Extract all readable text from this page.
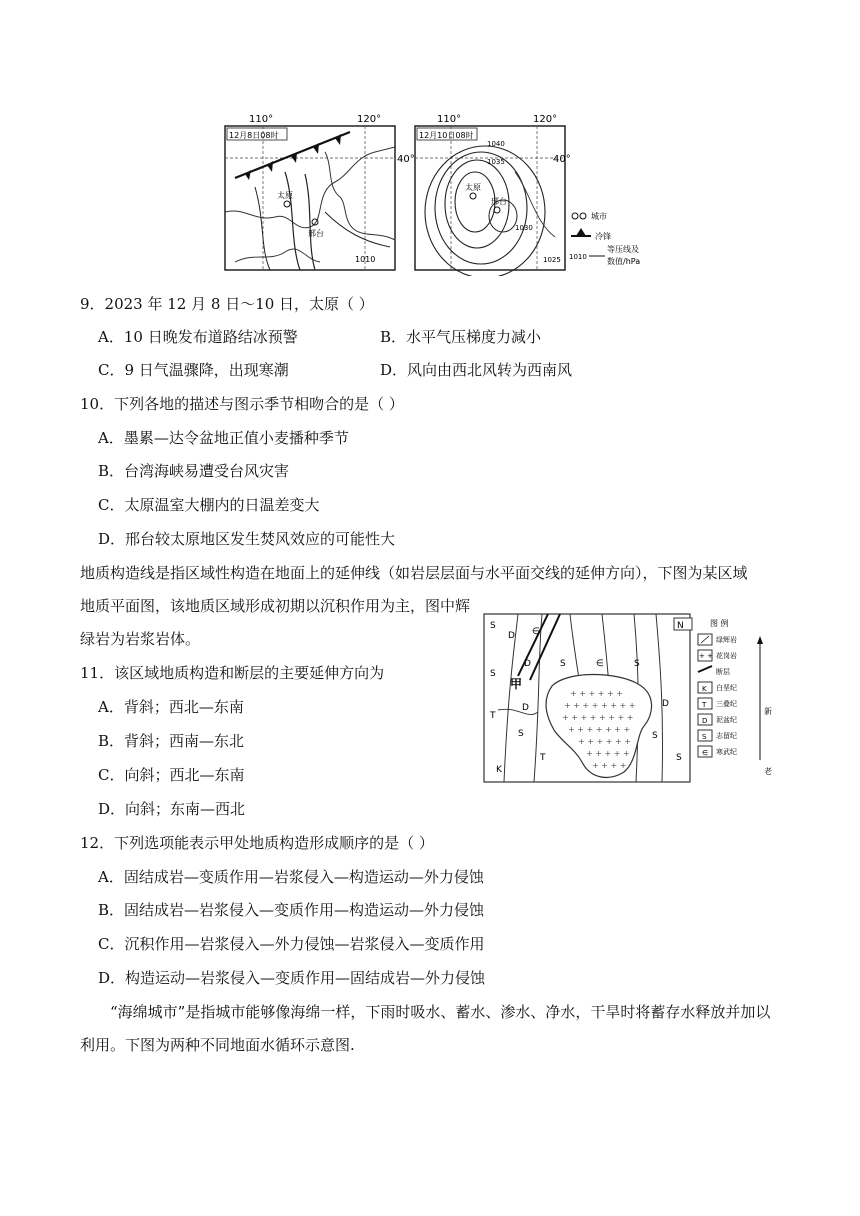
110°	120°
40°
12月8日08时
1010
太原
邢台
110°	120°
40°
12月10日08时
1040
1035
1030
1025
太原
邢台
城市
冷锋
1010
等压线及
数值/hPa
9．2023 年 12 月 8 日～10 日，太原（ ）
A．10 日晚发布道路结冰预警	B．水平气压梯度力减小
C．9 日气温骤降，出现寒潮	D．风向由西北风转为西南风
10．下列各地的描述与图示季节相吻合的是（ ）
A．墨累—达令盆地正值小麦播种季节
B．台湾海峡易遭受台风灾害
C．太原温室大棚内的日温差变大
D．邢台较太原地区发生焚风效应的可能性大
地质构造线是指区域性构造在地面上的延伸线（如岩层层面与水平面交线的延伸方向），下图为某区域
地质平面图，该地质区域形成初期以沉积作用为主，图中辉
绿岩为岩浆岩体。
+ + + + + +
+ + + + + + + +
+ + + + + + + +
+ + + + + + +
+ + + + + +
+ + + + +
+ + + +
N
S
D ∈
S	∈	S
S
D
T
D
S
T
K
S
D
S
甲
图 例
绿辉岩
+ + 花岗岩
断层
K 白垩纪
T 三叠纪
D 泥盆纪
S 志留纪
∈ 寒武纪
新
老
11．该区域地质构造和断层的主要延伸方向为
A．背斜；西北—东南
B．背斜；西南—东北
C．向斜；西北—东南
D．向斜；东南—西北
12．下列选项能表示甲处地质构造形成顺序的是（ ）
A．固结成岩—变质作用—岩浆侵入—构造运动—外力侵蚀
B．固结成岩—岩浆侵入—变质作用—构造运动—外力侵蚀
C．沉积作用—岩浆侵入—外力侵蚀—岩浆侵入—变质作用
D．构造运动—岩浆侵入—变质作用—固结成岩—外力侵蚀
“海绵城市”是指城市能够像海绵一样，下雨时吸水、蓄水、渗水、净水，干旱时将蓄存水释放并加以
利用。下图为两种不同地面水循环示意图.
